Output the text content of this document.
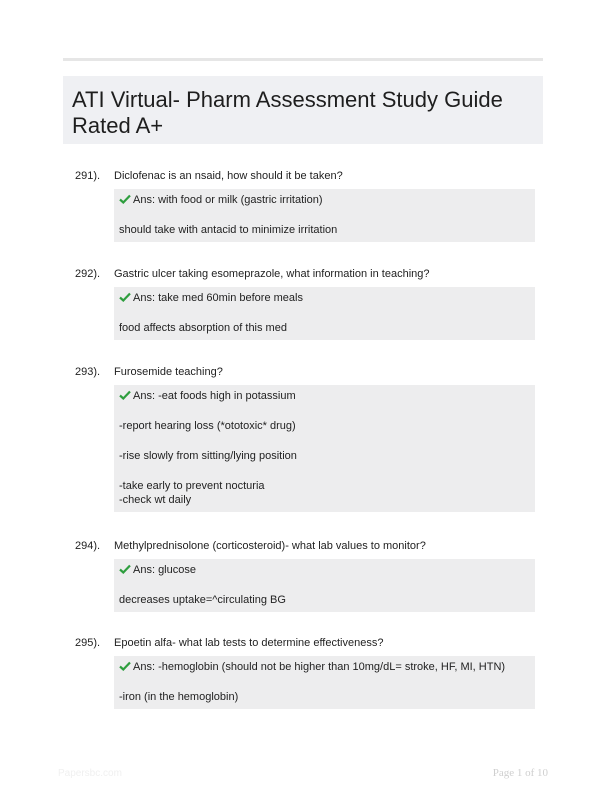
ATI Virtual- Pharm Assessment Study Guide
Rated A+
291). Diclofenac is an nsaid, how should it be taken?
Ans: with food or milk (gastric irritation)
should take with antacid to minimize irritation
292). Gastric ulcer taking esomeprazole, what information in teaching?
Ans: take med 60min before meals
food affects absorption of this med
293). Furosemide teaching?
Ans: -eat foods high in potassium
-report hearing loss (*ototoxic* drug)
-rise slowly from sitting/lying position
-take early to prevent nocturia
-check wt daily
294). Methylprednisolone (corticosteroid)- what lab values to monitor?
Ans: glucose
decreases uptake=^circulating BG
295). Epoetin alfa- what lab tests to determine effectiveness?
Ans: -hemoglobin (should not be higher than 10mg/dL= stroke, HF, MI, HTN)
-iron (in the hemoglobin)
Papersbc.com	Page 1 of 10
